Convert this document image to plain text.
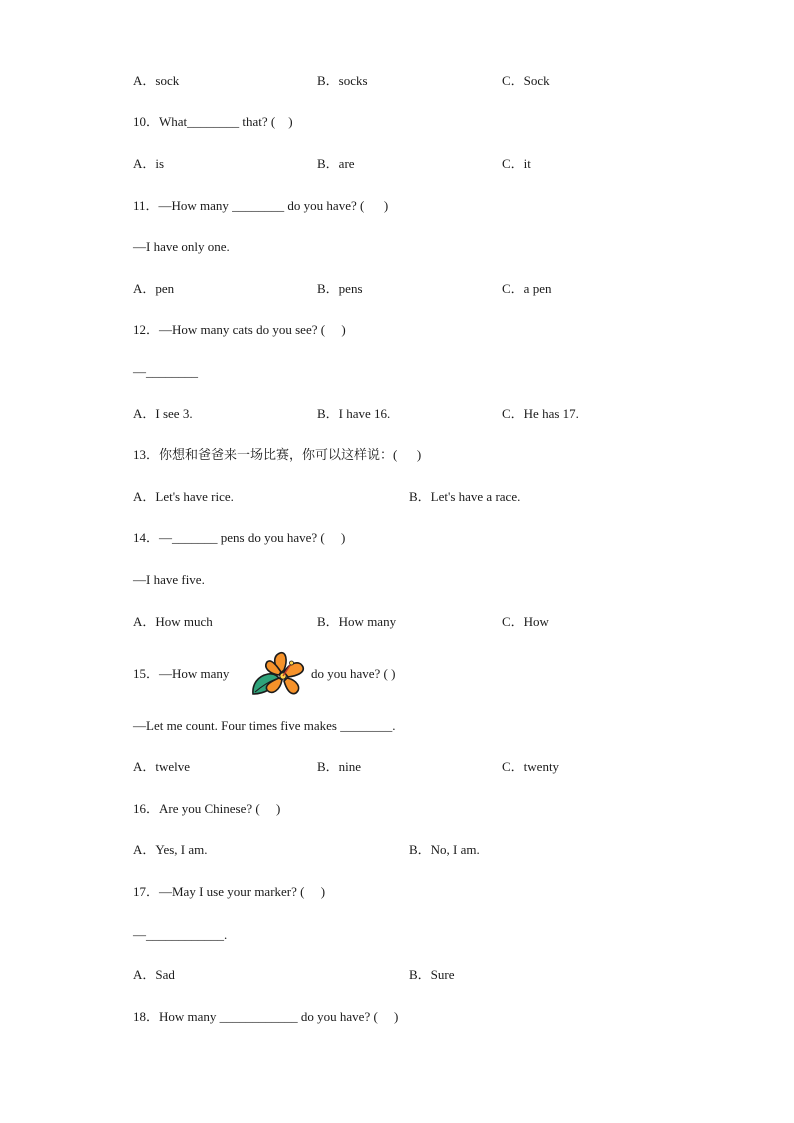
A．sock	B．socks	C．Sock
10．What________ that? (    )
A．is	B．are	C．it
11．—How many ________ do you have? (      )
—I have only one.
A．pen	B．pens	C．a pen
12．—How many cats do you see? (     )
—________
A．I see 3.	B．I have 16.	C．He has 17.
13．你想和爸爸来一场比赛，你可以这样说：(      )
A．Let's have rice.	B．Let's have a race.
14．—_______ pens do you have? (     )
—I have five.
A．How much	B．How many	C．How
15．—How many	do you have? ( )
—Let me count. Four times five makes ________.
A．twelve	B．nine	C．twenty
16．Are you Chinese? (     )
A．Yes, I am.	B．No, I am.
17．—May I use your marker? (     )
—____________.
A．Sad	B．Sure
18．How many ____________ do you have? (     )
